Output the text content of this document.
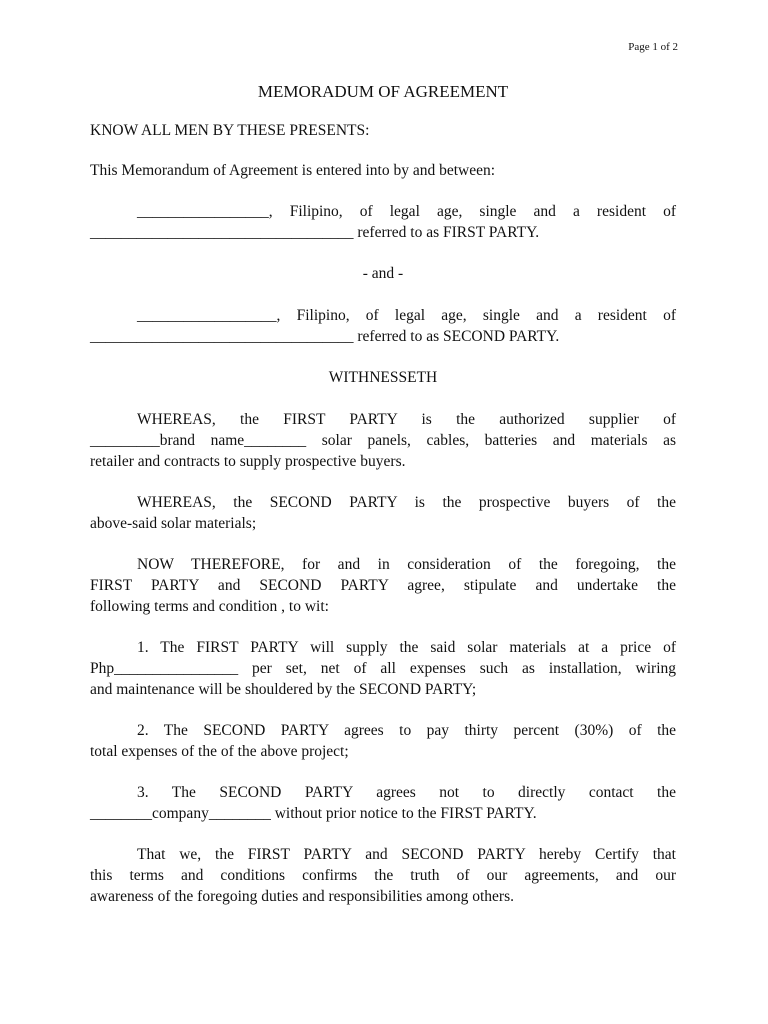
Page 1 of 2

MEMORADUM OF AGREEMENT

KNOW ALL MEN BY THESE PRESENTS:

This Memorandum of Agreement is entered into by and between:

_________________, Filipino, of legal age, single and a resident of
__________________________________ referred to as FIRST PARTY.

- and -

__________________, Filipino, of legal age, single and a resident of
__________________________________ referred to as SECOND PARTY.

WITHNESSETH

WHEREAS, the FIRST PARTY is the authorized supplier of
_________brand name________ solar panels, cables, batteries and materials as
retailer and contracts to supply prospective buyers.
WHEREAS, the SECOND PARTY is the prospective buyers of the
above-said solar materials;
NOW THEREFORE, for and in consideration of the foregoing, the
FIRST PARTY and SECOND PARTY agree, stipulate and undertake the
following terms and condition , to wit:
1. The FIRST PARTY will supply the said solar materials at a price of
Php________________ per set, net of all expenses such as installation, wiring
and maintenance will be shouldered by the SECOND PARTY;
2. The SECOND PARTY agrees to pay thirty percent (30%) of the
total expenses of the of the above project;
3. The SECOND PARTY agrees not to directly contact the
________company________ without prior notice to the FIRST PARTY.
That we, the FIRST PARTY and SECOND PARTY hereby Certify that
this terms and conditions confirms the truth of our agreements, and our
awareness of the foregoing duties and responsibilities among others.
